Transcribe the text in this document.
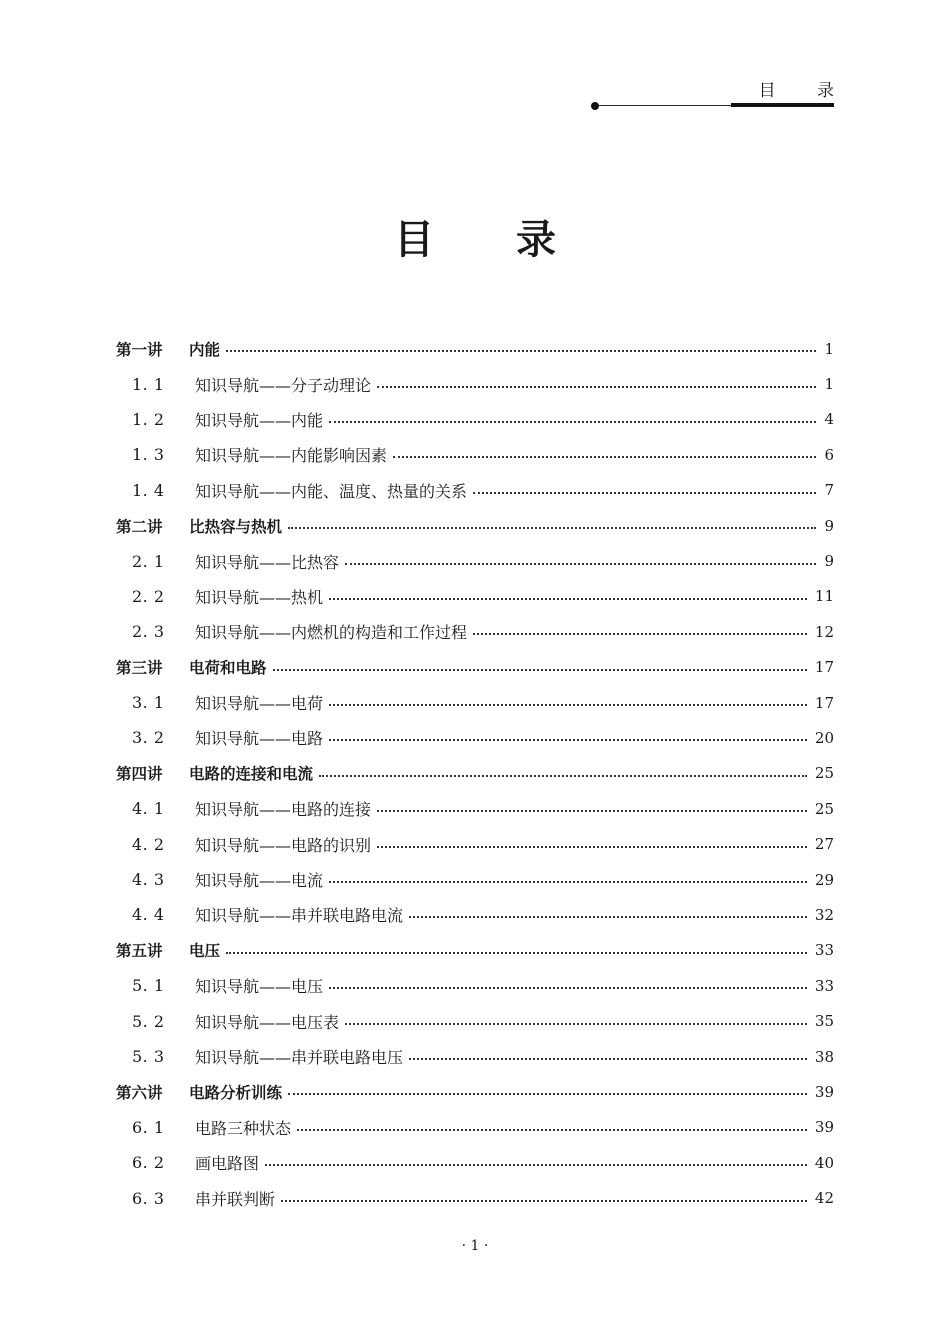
目 录
目 录
第一讲	内能	1
1. 1	知识导航——分子动理论	1
1. 2	知识导航——内能	4
1. 3	知识导航——内能影响因素	6
1. 4	知识导航——内能、温度、热量的关系	7
第二讲	比热容与热机	9
2. 1	知识导航——比热容	9
2. 2	知识导航——热机	11
2. 3	知识导航——内燃机的构造和工作过程	12
第三讲	电荷和电路	17
3. 1	知识导航——电荷	17
3. 2	知识导航——电路	20
第四讲	电路的连接和电流	25
4. 1	知识导航——电路的连接	25
4. 2	知识导航——电路的识别	27
4. 3	知识导航——电流	29
4. 4	知识导航——串并联电路电流	32
第五讲	电压	33
5. 1	知识导航——电压	33
5. 2	知识导航——电压表	35
5. 3	知识导航——串并联电路电压	38
第六讲	电路分析训练	39
6. 1	电路三种状态	39
6. 2	画电路图	40
6. 3	串并联判断	42
· 1 ·
